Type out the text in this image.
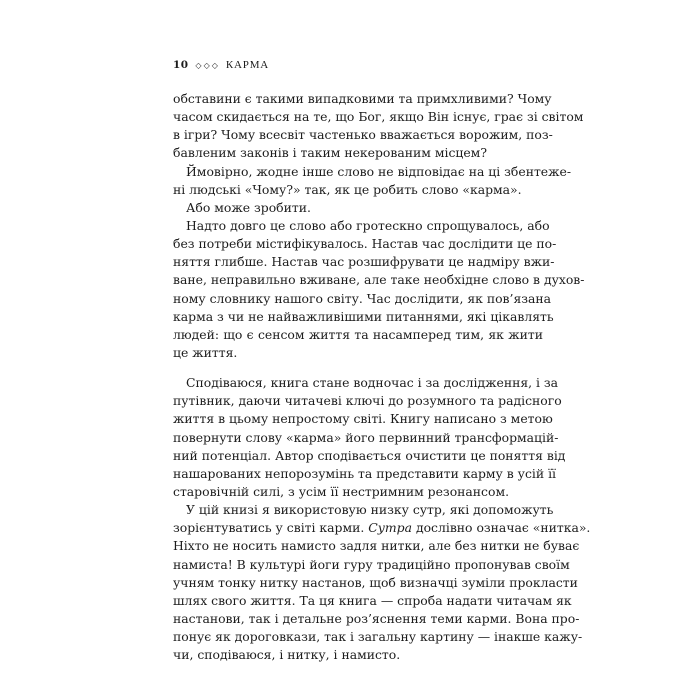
10 ◇◇◇ КАРМА
обставини є такими випадковими та примхливими? Чому
часом скидається на те, що Бог, якщо Він існує, грає зі світом
в ігри? Чому всесвіт частенько вважається ворожим, поз-
бавленим законів і таким некерованим місцем?
Ймовірно, жодне інше слово не відповідає на ці збентеже-
ні людські «Чому?» так, як це робить слово «карма».
Або може зробити.
Надто довго це слово або гротескно спрощувалось, або
без потреби містифікувалось. Настав час дослідити це по-
няття глибше. Настав час розшифрувати це надміру вжи-
ване, неправильно вживане, але таке необхідне слово в духов-
ному словнику нашого світу. Час дослідити, як пов’язана
карма з чи не найважливішими питаннями, які цікавлять
людей: що є сенсом життя та насамперед тим, як жити
це життя.
Сподіваюся, книга стане водночас і за дослідження, і за
путівник, даючи читачеві ключі до розумного та радісного
життя в цьому непростому світі. Книгу написано з метою
повернути слову «карма» його первинний трансформацій-
ний потенціал. Автор сподівається очистити це поняття від
нашарованих непорозумінь та представити карму в усій її
старовічній силі, з усім її нестримним резонансом.
У цій книзі я використовую низку сутр, які допоможуть
зорієнтуватись у світі карми. Сутра дослівно означає «нитка».
Ніхто не носить намисто задля нитки, але без нитки не буває
намиста! В культурі йоги гуру традиційно пропонував своїм
учням тонку нитку настанов, щоб визначці зуміли прокласти
шлях свого життя. Та ця книга — спроба надати читачам як
настанови, так і детальне роз’яснення теми карми. Вона про-
понує як дороговкази, так і загальну картину — інакше кажу-
чи, сподіваюся, і нитку, і намисто.
